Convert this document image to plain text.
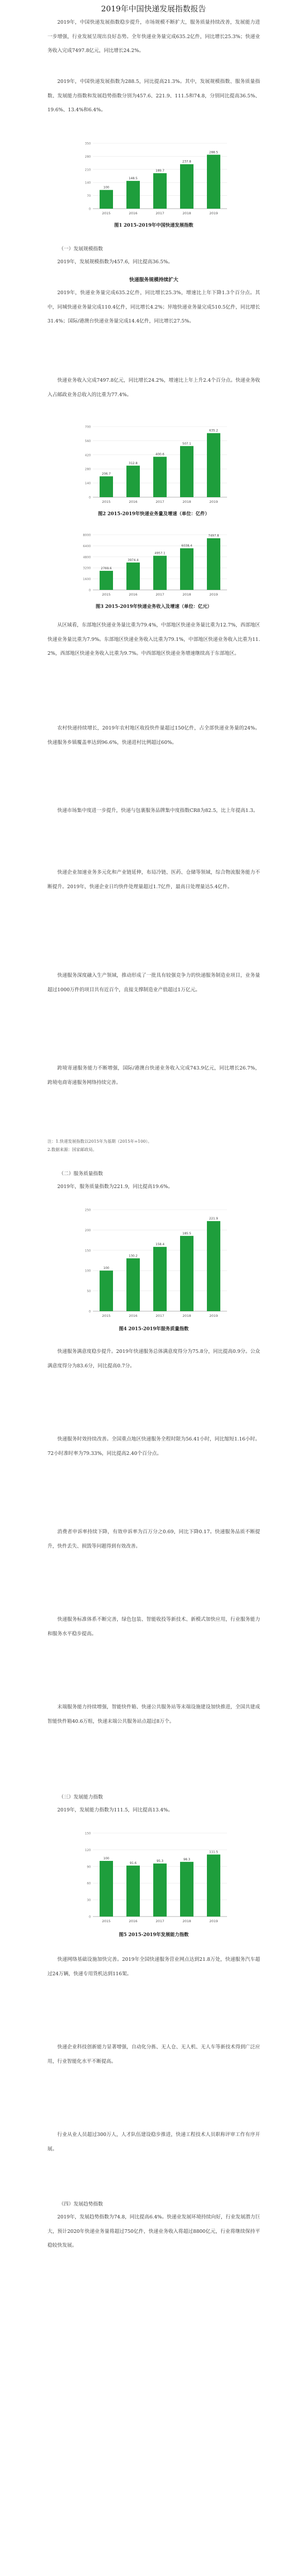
2019年中国快递发展指数报告

2019年，中国快递发展指数稳步提升，市场规模不断扩大，服务质量持续改善，发展能力进一步增强，行业发展呈现出良好态势。全年快递业务量完成635.2亿件，同比增长25.3%；快递业务收入完成7497.8亿元，同比增长24.2%。

2019年，中国快递发展指数为288.5，同比提高21.3%。其中，发展规模指数、服务质量指数、发展能力指数和发展趋势指数分别为457.6、221.9、111.5和74.8，分别同比提高36.5%、19.6%、13.4%和6.4%。

0
70
140
210
280
350
100
2015
148.5
2016
189.7
2017
237.8
2018
288.5
2019
图1 2015-2019年中国快递发展指数
（一）发展规模指数

2019年，发展规模指数为457.6，同比提高36.5%。

快递服务规模持续扩大

2019年，快递业务量完成635.2亿件，同比增长25.3%，增速比上年下降1.3个百分点。其中，同城快递业务量完成110.4亿件，同比增长4.2%；异地快递业务量完成510.5亿件，同比增长31.4%；国际/港澳台快递业务量完成14.4亿件，同比增长27.5%。

快递业务收入完成7497.8亿元，同比增长24.2%，增速比上年上升2.4个百分点。快递业务收入占邮政业务总收入的比重为77.4%。

0
140
280
420
560
700
206.7
2015
312.8
2016
400.6
2017
507.1
2018
635.2
2019
图2 2015-2019年快递业务量及增速（单位：亿件）
0
1600
3200
4800
6400
8000
2769.6
2015
3974.4
2016
4957.1
2017
6038.4
2018
7497.8
2019
图3 2015-2019年快递业务收入及增速（单位：亿元）

从区域看，东部地区快递业务量比重为79.4%，中部地区快递业务量比重为12.7%，西部地区快递业务量比重为7.9%。东部地区快递业务收入比重为79.1%，中部地区快递业务收入比重为11.2%，西部地区快递业务收入比重为9.7%。中西部地区快递业务增速继续高于东部地区。

农村快递持续增长，2019年农村地区收投快件量超过150亿件，占全部快递业务量的24%。快递服务乡镇覆盖率达到96.6%，快递进村比例超过60%。

快递市场集中度进一步提升，快递与包裹服务品牌集中度指数CR8为82.5，比上年提高1.3。

快递企业加速业务多元化和产业链延伸，布局冷链、医药、仓储等领域，综合物流服务能力不断提升。2019年，快递企业日均快件处理量超过1.7亿件，最高日处理量达5.4亿件。

快递服务深度融入生产领域，推动形成了一批具有较强竞争力的快递服务制造业项目，业务量超过1000万件的项目共有近百个，直接支撑制造业产值超过1万亿元。

跨境寄递服务能力不断增强，国际/港澳台快递业务收入完成743.9亿元，同比增长26.7%，跨境电商寄递服务网络持续完善。

注：1.快递发展指数以2015年为基期（2015年=100）。

2.数据来源：国家邮政局。

（二）服务质量指数

2019年，服务质量指数为221.9，同比提高19.6%。

0
50
100
150
200
250
100
2015
130.2
2016
158.4
2017
185.5
2018
221.9
2019
图4 2015-2019年服务质量指数

快递服务满意度稳步提升。2019年快递服务总体满意度得分为75.8分，同比提高0.9分。公众满意度得分为83.6分，同比提高0.7分。

快递服务时效持续改善。全国重点地区快递服务全程时限为56.41小时，同比缩短1.16小时。72小时准时率为79.33%，同比提高2.40个百分点。

消费者申诉率持续下降，有效申诉率为百万分之0.69，同比下降0.17。快递服务品质不断提升，快件丢失、损毁等问题得到有效改善。

快递服务标准体系不断完善，绿色包装、智能收投等新技术、新模式加快应用，行业服务能力和服务水平稳步提高。

末端服务能力持续增强，智能快件箱、快递公共服务站等末端设施建设加快推进，全国共建成智能快件箱40.6万组，快递末端公共服务站点超过8万个。

（三）发展能力指数

2019年，发展能力指数为111.5，同比提高13.4%。

0
30
60
90
120
150
100
2015
91.6
2016
95.3
2017
98.3
2018
111.5
2019
图5 2015-2019年发展能力指数

快递网络基础设施加快完善。2019年全国快递服务营业网点达到21.8万处，快递服务汽车超过24万辆，快递专用货机达到116架。

快递企业科技创新能力显著增强，自动化分拣、无人仓、无人机、无人车等新技术得到广泛应用，行业智能化水平不断提高。

行业从业人员超过300万人，人才队伍建设稳步推进，快递工程技术人员职称评审工作有序开展。

（四）发展趋势指数

2019年，发展趋势指数为74.8，同比提高6.4%。快递业发展环境持续向好，行业发展潜力巨大，预计2020年快递业务量将超过750亿件，快递业务收入将超过8800亿元，行业将继续保持平稳较快发展。
